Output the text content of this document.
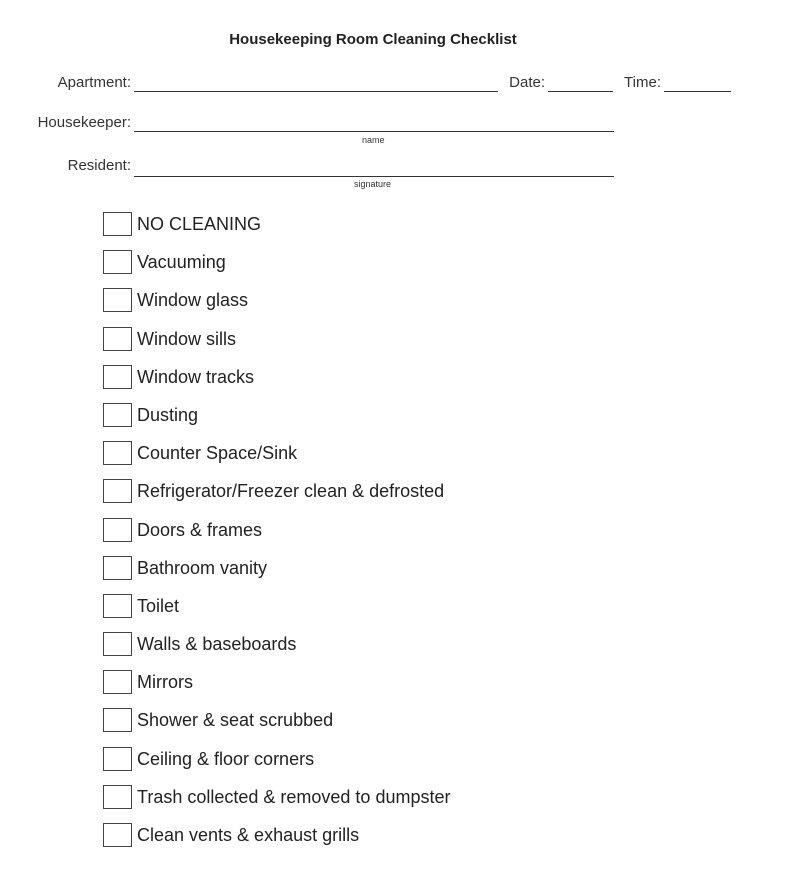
Housekeeping Room Cleaning Checklist
Apartment:	Date:	Time:
Housekeeper:
name
Resident:
signature
NO CLEANING
Vacuuming
Window glass
Window sills
Window tracks
Dusting
Counter Space/Sink
Refrigerator/Freezer clean & defrosted
Doors & frames
Bathroom vanity
Toilet
Walls & baseboards
Mirrors
Shower & seat scrubbed
Ceiling & floor corners
Trash collected & removed to dumpster
Clean vents & exhaust grills
